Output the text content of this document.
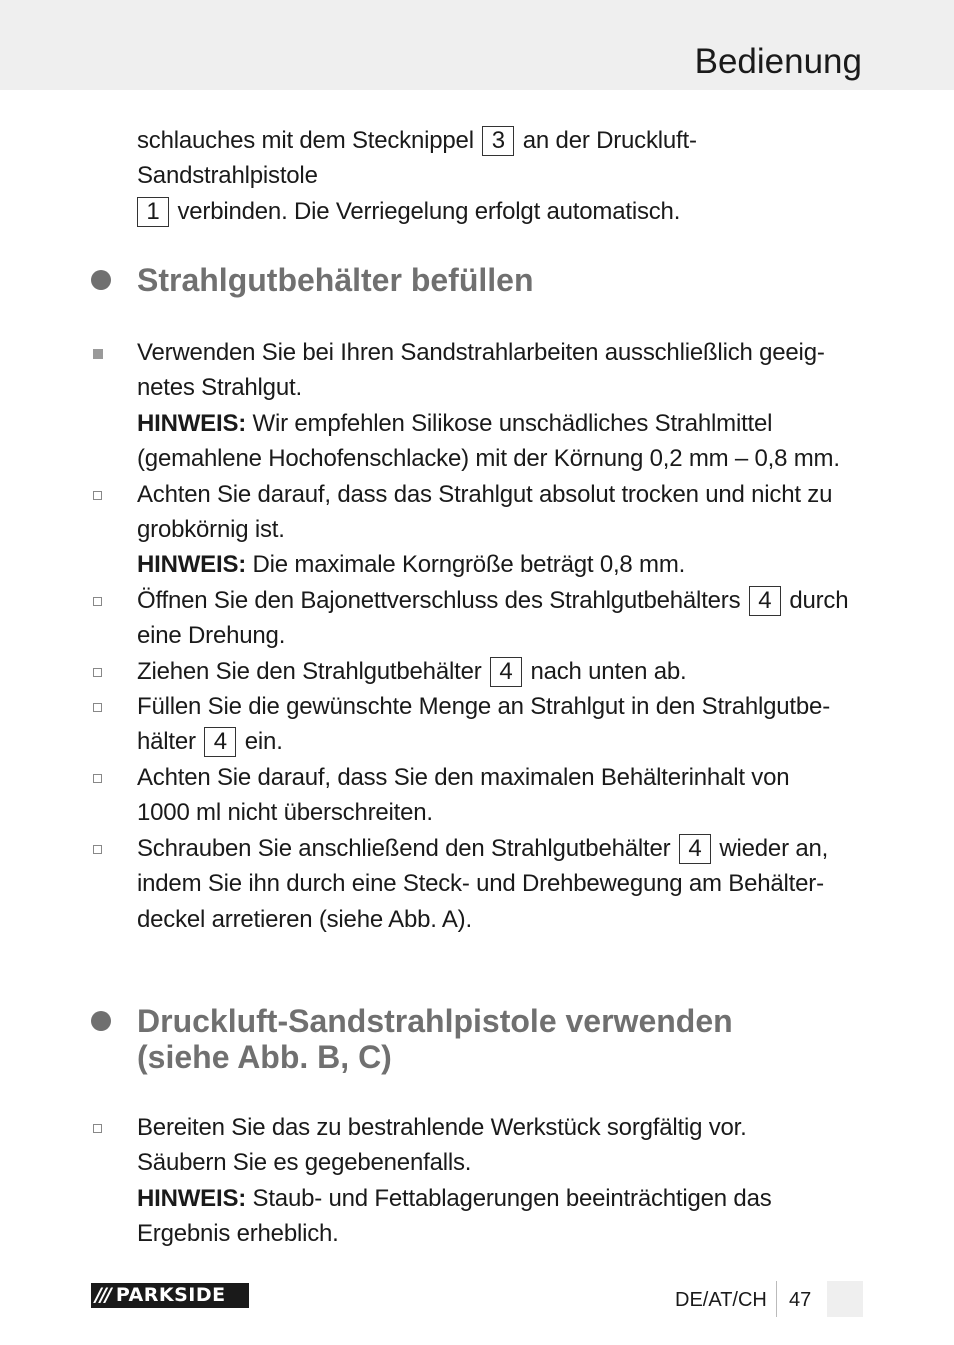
Bedienung
schlauches mit dem Stecknippel 3 an der Druckluft-Sandstrahlpistole
1 verbinden. Die Verriegelung erfolgt automatisch.
Strahlgutbehälter befüllen
Verwenden Sie bei Ihren Sandstrahlarbeiten ausschließlich geeig-
netes Strahlgut.
HINWEIS: Wir empfehlen Silikose unschädliches Strahlmittel
(gemahlene Hochofenschlacke) mit der Körnung 0,2 mm – 0,8 mm.
Achten Sie darauf, dass das Strahlgut absolut trocken und nicht zu
grobkörnig ist.
HINWEIS: Die maximale Korngröße beträgt 0,8 mm.
Öffnen Sie den Bajonettverschluss des Strahlgutbehälters 4 durch
eine Drehung.
Ziehen Sie den Strahlgutbehälter 4 nach unten ab.
Füllen Sie die gewünschte Menge an Strahlgut in den Strahlgutbe-
hälter 4 ein.
Achten Sie darauf, dass Sie den maximalen Behälterinhalt von
1000 ml nicht überschreiten.
Schrauben Sie anschließend den Strahlgutbehälter 4 wieder an,
indem Sie ihn durch eine Steck- und Drehbewegung am Behälter-
deckel arretieren (siehe Abb. A).
Druckluft-Sandstrahlpistole verwenden
(siehe Abb. B, C)
Bereiten Sie das zu bestrahlende Werkstück sorgfältig vor.
Säubern Sie es gegebenenfalls.
HINWEIS: Staub- und Fettablagerungen beeinträchtigen das
Ergebnis erheblich.
/// PARKSIDE	DE/AT/CH 47
